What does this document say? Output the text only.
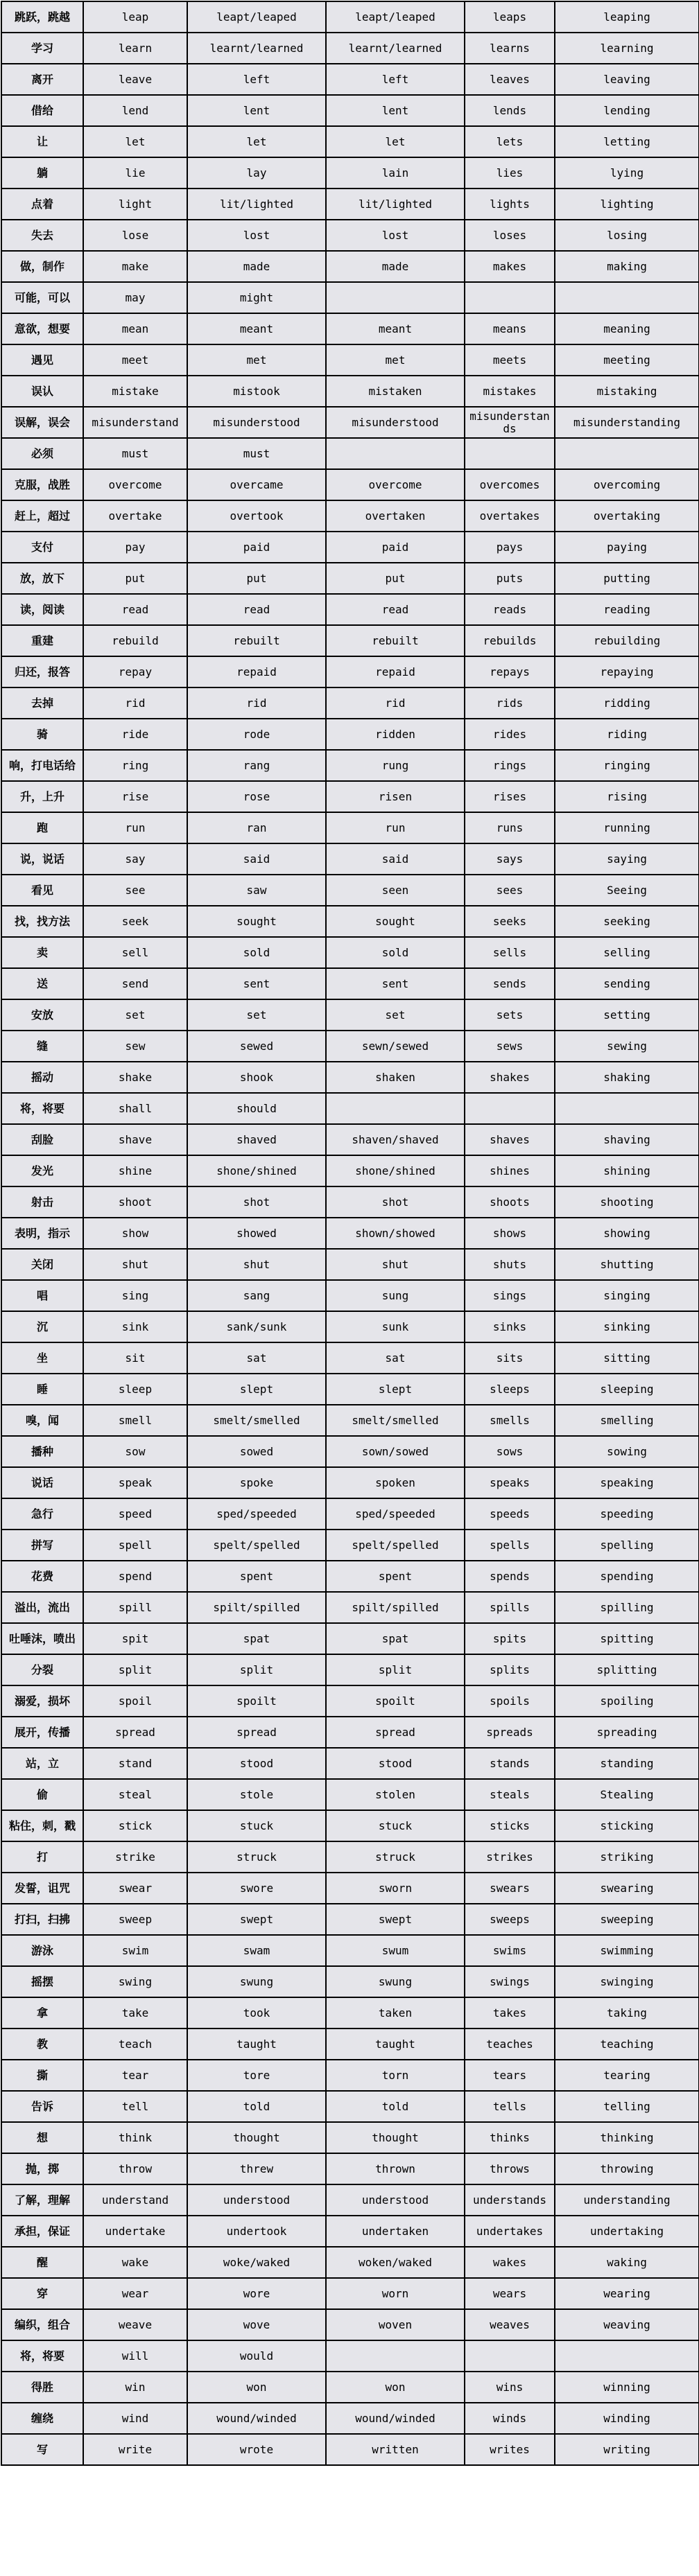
跳跃，跳越	leap	leapt/leaped	leapt/leaped	leaps	leaping
学习	learn	learnt/learned	learnt/learned	learns	learning
离开	leave	left	left	leaves	leaving
借给	lend	lent	lent	lends	lending
让	let	let	let	lets	letting
躺	lie	lay	lain	lies	lying
点着	light	lit/lighted	lit/lighted	lights	lighting
失去	lose	lost	lost	loses	losing
做，制作	make	made	made	makes	making
可能，可以	may	might			
意欲，想要	mean	meant	meant	means	meaning
遇见	meet	met	met	meets	meeting
误认	mistake	mistook	mistaken	mistakes	mistaking
误解，误会	misunderstand	misunderstood	misunderstood	misunderstands	misunderstanding
必须	must	must			
克服，战胜	overcome	overcame	overcome	overcomes	overcoming
赶上，超过	overtake	overtook	overtaken	overtakes	overtaking
支付	pay	paid	paid	pays	paying
放，放下	put	put	put	puts	putting
读，阅读	read	read	read	reads	reading
重建	rebuild	rebuilt	rebuilt	rebuilds	rebuilding
归还，报答	repay	repaid	repaid	repays	repaying
去掉	rid	rid	rid	rids	ridding
骑	ride	rode	ridden	rides	riding
响，打电话给	ring	rang	rung	rings	ringing
升，上升	rise	rose	risen	rises	rising
跑	run	ran	run	runs	running
说，说话	say	said	said	says	saying
看见	see	saw	seen	sees	Seeing
找，找方法	seek	sought	sought	seeks	seeking
卖	sell	sold	sold	sells	selling
送	send	sent	sent	sends	sending
安放	set	set	set	sets	setting
缝	sew	sewed	sewn/sewed	sews	sewing
摇动	shake	shook	shaken	shakes	shaking
将，将要	shall	should			
刮脸	shave	shaved	shaven/shaved	shaves	shaving
发光	shine	shone/shined	shone/shined	shines	shining
射击	shoot	shot	shot	shoots	shooting
表明，指示	show	showed	shown/showed	shows	showing
关闭	shut	shut	shut	shuts	shutting
唱	sing	sang	sung	sings	singing
沉	sink	sank/sunk	sunk	sinks	sinking
坐	sit	sat	sat	sits	sitting
睡	sleep	slept	slept	sleeps	sleeping
嗅，闻	smell	smelt/smelled	smelt/smelled	smells	smelling
播种	sow	sowed	sown/sowed	sows	sowing
说话	speak	spoke	spoken	speaks	speaking
急行	speed	sped/speeded	sped/speeded	speeds	speeding
拼写	spell	spelt/spelled	spelt/spelled	spells	spelling
花费	spend	spent	spent	spends	spending
溢出，流出	spill	spilt/spilled	spilt/spilled	spills	spilling
吐唾沫，喷出	spit	spat	spat	spits	spitting
分裂	split	split	split	splits	splitting
溺爱，损坏	spoil	spoilt	spoilt	spoils	spoiling
展开，传播	spread	spread	spread	spreads	spreading
站，立	stand	stood	stood	stands	standing
偷	steal	stole	stolen	steals	Stealing
粘住，刺，戳	stick	stuck	stuck	sticks	sticking
打	strike	struck	struck	strikes	striking
发誓，诅咒	swear	swore	sworn	swears	swearing
打扫，扫拂	sweep	swept	swept	sweeps	sweeping
游泳	swim	swam	swum	swims	swimming
摇摆	swing	swung	swung	swings	swinging
拿	take	took	taken	takes	taking
教	teach	taught	taught	teaches	teaching
撕	tear	tore	torn	tears	tearing
告诉	tell	told	told	tells	telling
想	think	thought	thought	thinks	thinking
抛，掷	throw	threw	thrown	throws	throwing
了解，理解	understand	understood	understood	understands	understanding
承担，保证	undertake	undertook	undertaken	undertakes	undertaking
醒	wake	woke/waked	woken/waked	wakes	waking
穿	wear	wore	worn	wears	wearing
编织，组合	weave	wove	woven	weaves	weaving
将，将要	will	would			
得胜	win	won	won	wins	winning
缠绕	wind	wound/winded	wound/winded	winds	winding
写	write	wrote	written	writes	writing
